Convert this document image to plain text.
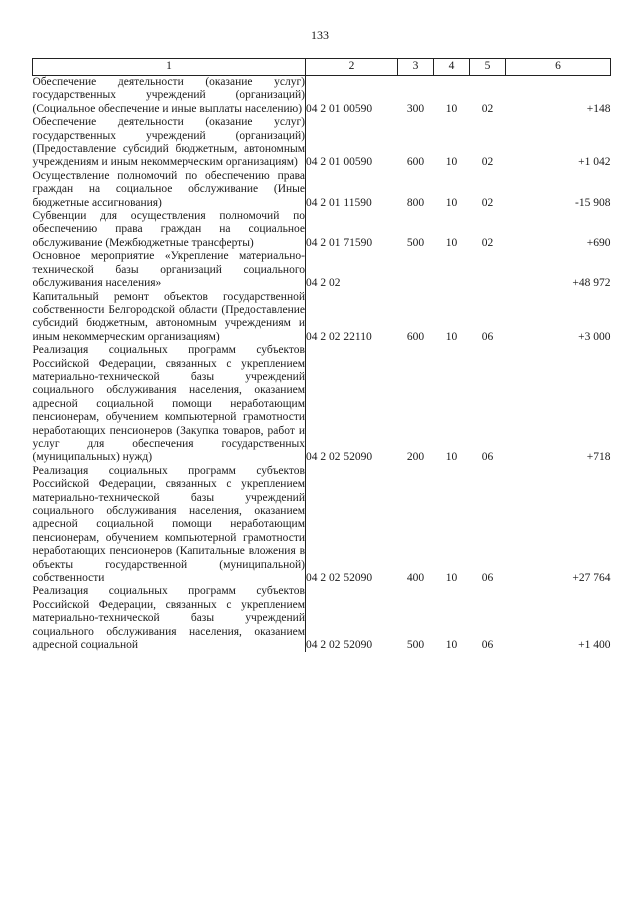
133
1	2	3	4	5	6
Обеспечение деятельности (оказание услуг) государственных учреждений (организаций) (Социальное обеспечение и иные выплаты населению)	04 2 01 00590	300	10	02	+148
Обеспечение деятельности (оказание услуг) государственных учреждений (организаций) (Предоставление субсидий бюджетным, автономным учреждениям и иным некоммерческим организациям)	04 2 01 00590	600	10	02	+1 042
Осуществление полномочий по обеспечению права граждан на социальное обслуживание (Иные бюджетные ассигнования)	04 2 01 11590	800	10	02	-15 908
Субвенции для осуществления полномочий по обеспечению права граждан на социальное обслуживание (Межбюджетные трансферты)	04 2 01 71590	500	10	02	+690
Основное мероприятие «Укрепление материально-технической базы организаций социального обслуживания населения»	04 2 02				+48 972
Капитальный ремонт объектов государственной собственности Белгородской области (Предоставление субсидий бюджетным, автономным учреждениям и иным некоммерческим организациям)	04 2 02 22110	600	10	06	+3 000
Реализация социальных программ субъектов Российской Федерации, связанных с укреплением материально-технической базы учреждений социального обслуживания населения, оказанием адресной социальной помощи неработающим пенсионерам, обучением компьютерной грамотности неработающих пенсионеров (Закупка товаров, работ и услуг для обеспечения государственных (муниципальных) нужд)	04 2 02 52090	200	10	06	+718
Реализация социальных программ субъектов Российской Федерации, связанных с укреплением материально-технической базы учреждений социального обслуживания населения, оказанием адресной социальной помощи неработающим пенсионерам, обучением компьютерной грамотности неработающих пенсионеров (Капитальные вложения в объекты государственной (муниципальной) собственности	04 2 02 52090	400	10	06	+27 764
Реализация социальных программ субъектов Российской Федерации, связанных с укреплением материально-технической базы учреждений социального обслуживания населения, оказанием адресной социальной	04 2 02 52090	500	10	06	+1 400
